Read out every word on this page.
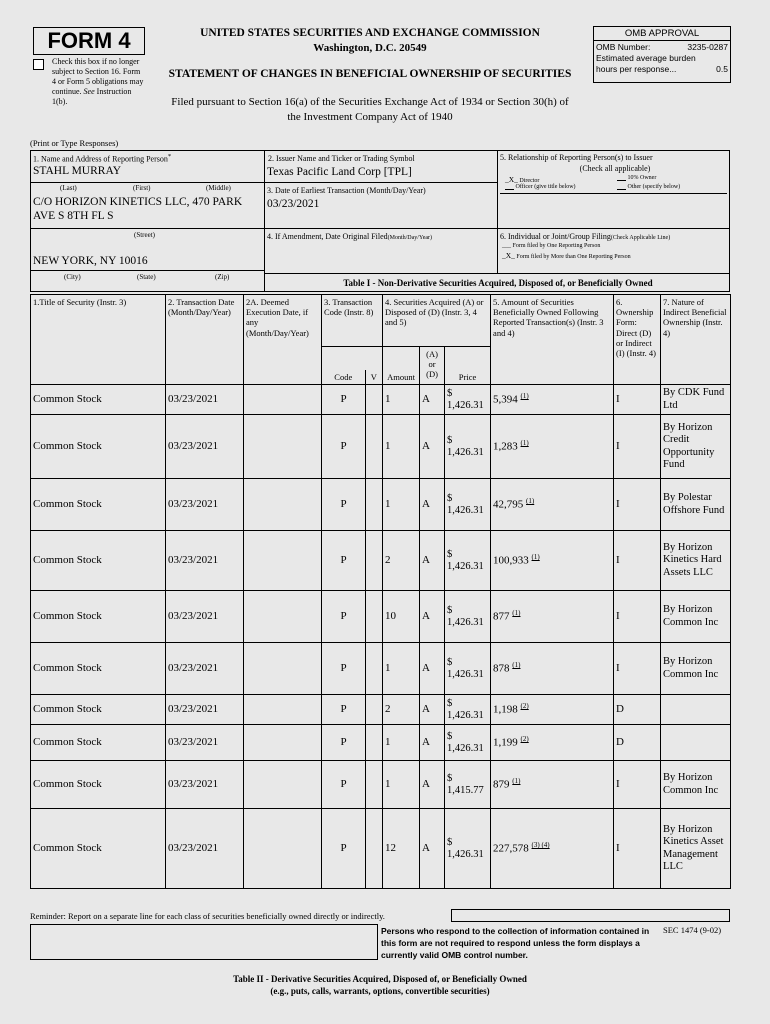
FORM 4
Check this box if no longer subject to Section 16. Form 4 or Form 5 obligations may continue. See Instruction 1(b).
UNITED STATES SECURITIES AND EXCHANGE COMMISSION
Washington, D.C. 20549
STATEMENT OF CHANGES IN BENEFICIAL OWNERSHIP OF SECURITIES
Filed pursuant to Section 16(a) of the Securities Exchange Act of 1934 or Section 30(h) of
the Investment Company Act of 1940
OMB APPROVAL
OMB Number:	3235-0287
Estimated average burden
hours per response...	0.5
(Print or Type Responses)
1. Name and Address of Reporting Person*
STAHL MURRAY
(Last)	(First)	(Middle)
C/O HORIZON KINETICS LLC, 470 PARK
AVE S 8TH FL S
(Street)
NEW YORK, NY 10016
(City)	(State)	(Zip)
2. Issuer Name and Ticker or Trading Symbol
Texas Pacific Land Corp [TPL]
3. Date of Earliest Transaction (Month/Day/Year)
03/23/2021
4. If Amendment, Date Original Filed(Month/Day/Year)
5. Relationship of Reporting Person(s) to Issuer
(Check all applicable)
_X_ Director	10% Owner
Officer (give title below)	Other (specify below)
6. Individual or Joint/Group Filing(Check Applicable Line)
___ Form filed by One Reporting Person
_X_ Form filed by More than One Reporting Person
Table I - Non-Derivative Securities Acquired, Disposed of, or Beneficially Owned
1.Title of Security (Instr. 3)	2. Transaction Date (Month/Day/Year)	2A. Deemed Execution Date, if any (Month/Day/Year)	3. Transaction Code (Instr. 8)		4. Securities Acquired (A) or Disposed of (D) (Instr. 3, 4 and 5)			5. Amount of Securities Beneficially Owned Following Reported Transaction(s) (Instr. 3 and 4)	6. Ownership Form: Direct (D) or Indirect (I) (Instr. 4)	7. Nature of Indirect Beneficial Ownership (Instr. 4)

			Code V		Amount	(A) or (D)	Price			

Common Stock	03/23/2021		P		1	A	$
1,426.31	5,394 $^{(1)}$	I	By CDK Fund Ltd
Common Stock	03/23/2021		P		1	A	$
1,426.31	1,283 $^{(1)}$	I	By Horizon Credit Opportunity Fund
Common Stock	03/23/2021		P		1	A	$
1,426.31	42,795 $^{(1)}$	I	By Polestar Offshore Fund
Common Stock	03/23/2021		P		2	A	$
1,426.31	100,933 $^{(1)}$	I	By Horizon Kinetics Hard Assets LLC
Common Stock	03/23/2021		P		10	A	$
1,426.31	877 $^{(1)}$	I	By Horizon Common Inc
Common Stock	03/23/2021		P		1	A	$
1,426.31	878 $^{(1)}$	I	By Horizon Common Inc
Common Stock	03/23/2021		P		2	A	$
1,426.31	1,198 $^{(2)}$	D	
Common Stock	03/23/2021		P		1	A	$
1,426.31	1,199 $^{(2)}$	D	
Common Stock	03/23/2021		P		1	A	$
1,415.77	879 $^{(1)}$	I	By Horizon Common Inc
Common Stock	03/23/2021		P		12	A	$
1,426.31	227,578 $^{(3) (4)}$	I	By Horizon Kinetics Asset Management LLC
Reminder: Report on a separate line for each class of securities beneficially owned directly or indirectly.
Persons who respond to the collection of information contained in this form are not required to respond unless the form displays a currently valid OMB control number.
SEC 1474 (9-02)
Table II - Derivative Securities Acquired, Disposed of, or Beneficially Owned
(e.g., puts, calls, warrants, options, convertible securities)
